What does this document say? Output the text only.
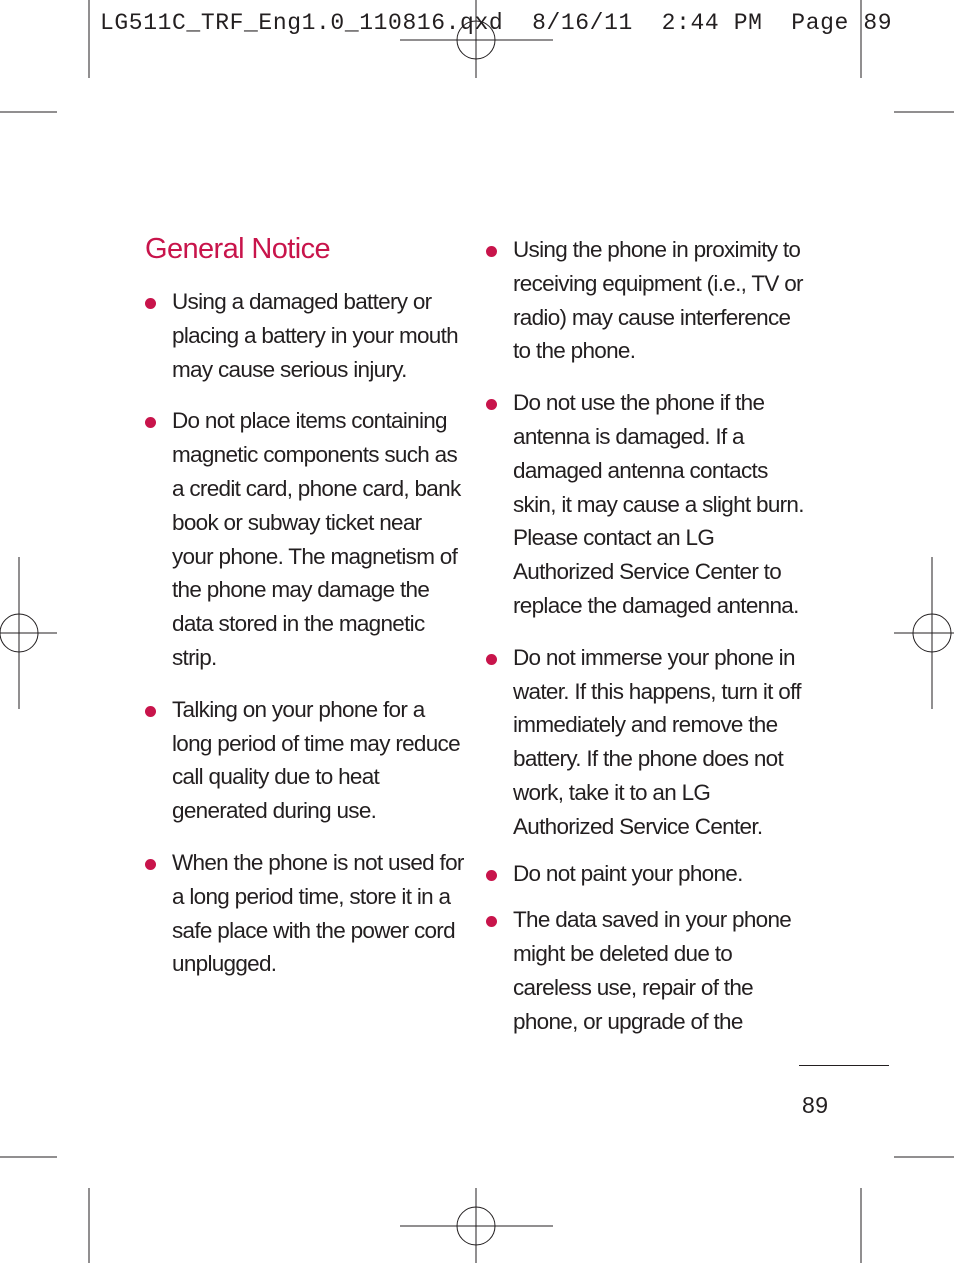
LG511C_TRF_Eng1.0_110816.qxd  8/16/11  2:44 PM  Page 89
General Notice
Using a damaged battery or placing a battery in your mouth may cause serious injury.
Do not place items containing magnetic components such as a credit card, phone card, bank book or subway ticket near your phone. The magnetism of the phone may damage the data stored in the magnetic strip.
Talking on your phone for a long period of time may reduce call quality due to heat generated during use.
When the phone is not used for a long period time, store it in a safe place with the power cord unplugged.
Using the phone in proximity to receiving equipment (i.e., TV or radio) may cause interference to the phone.
Do not use the phone if the antenna is damaged. If a damaged antenna contacts skin, it may cause a slight burn. Please contact an LG Authorized Service Center to replace the damaged antenna.
Do not immerse your phone in water. If this happens, turn it off immediately and remove the battery. If the phone does not work, take it to an LG Authorized Service Center.
Do not paint your phone.
The data saved in your phone might be deleted due to careless use, repair of the phone, or upgrade of the
89
